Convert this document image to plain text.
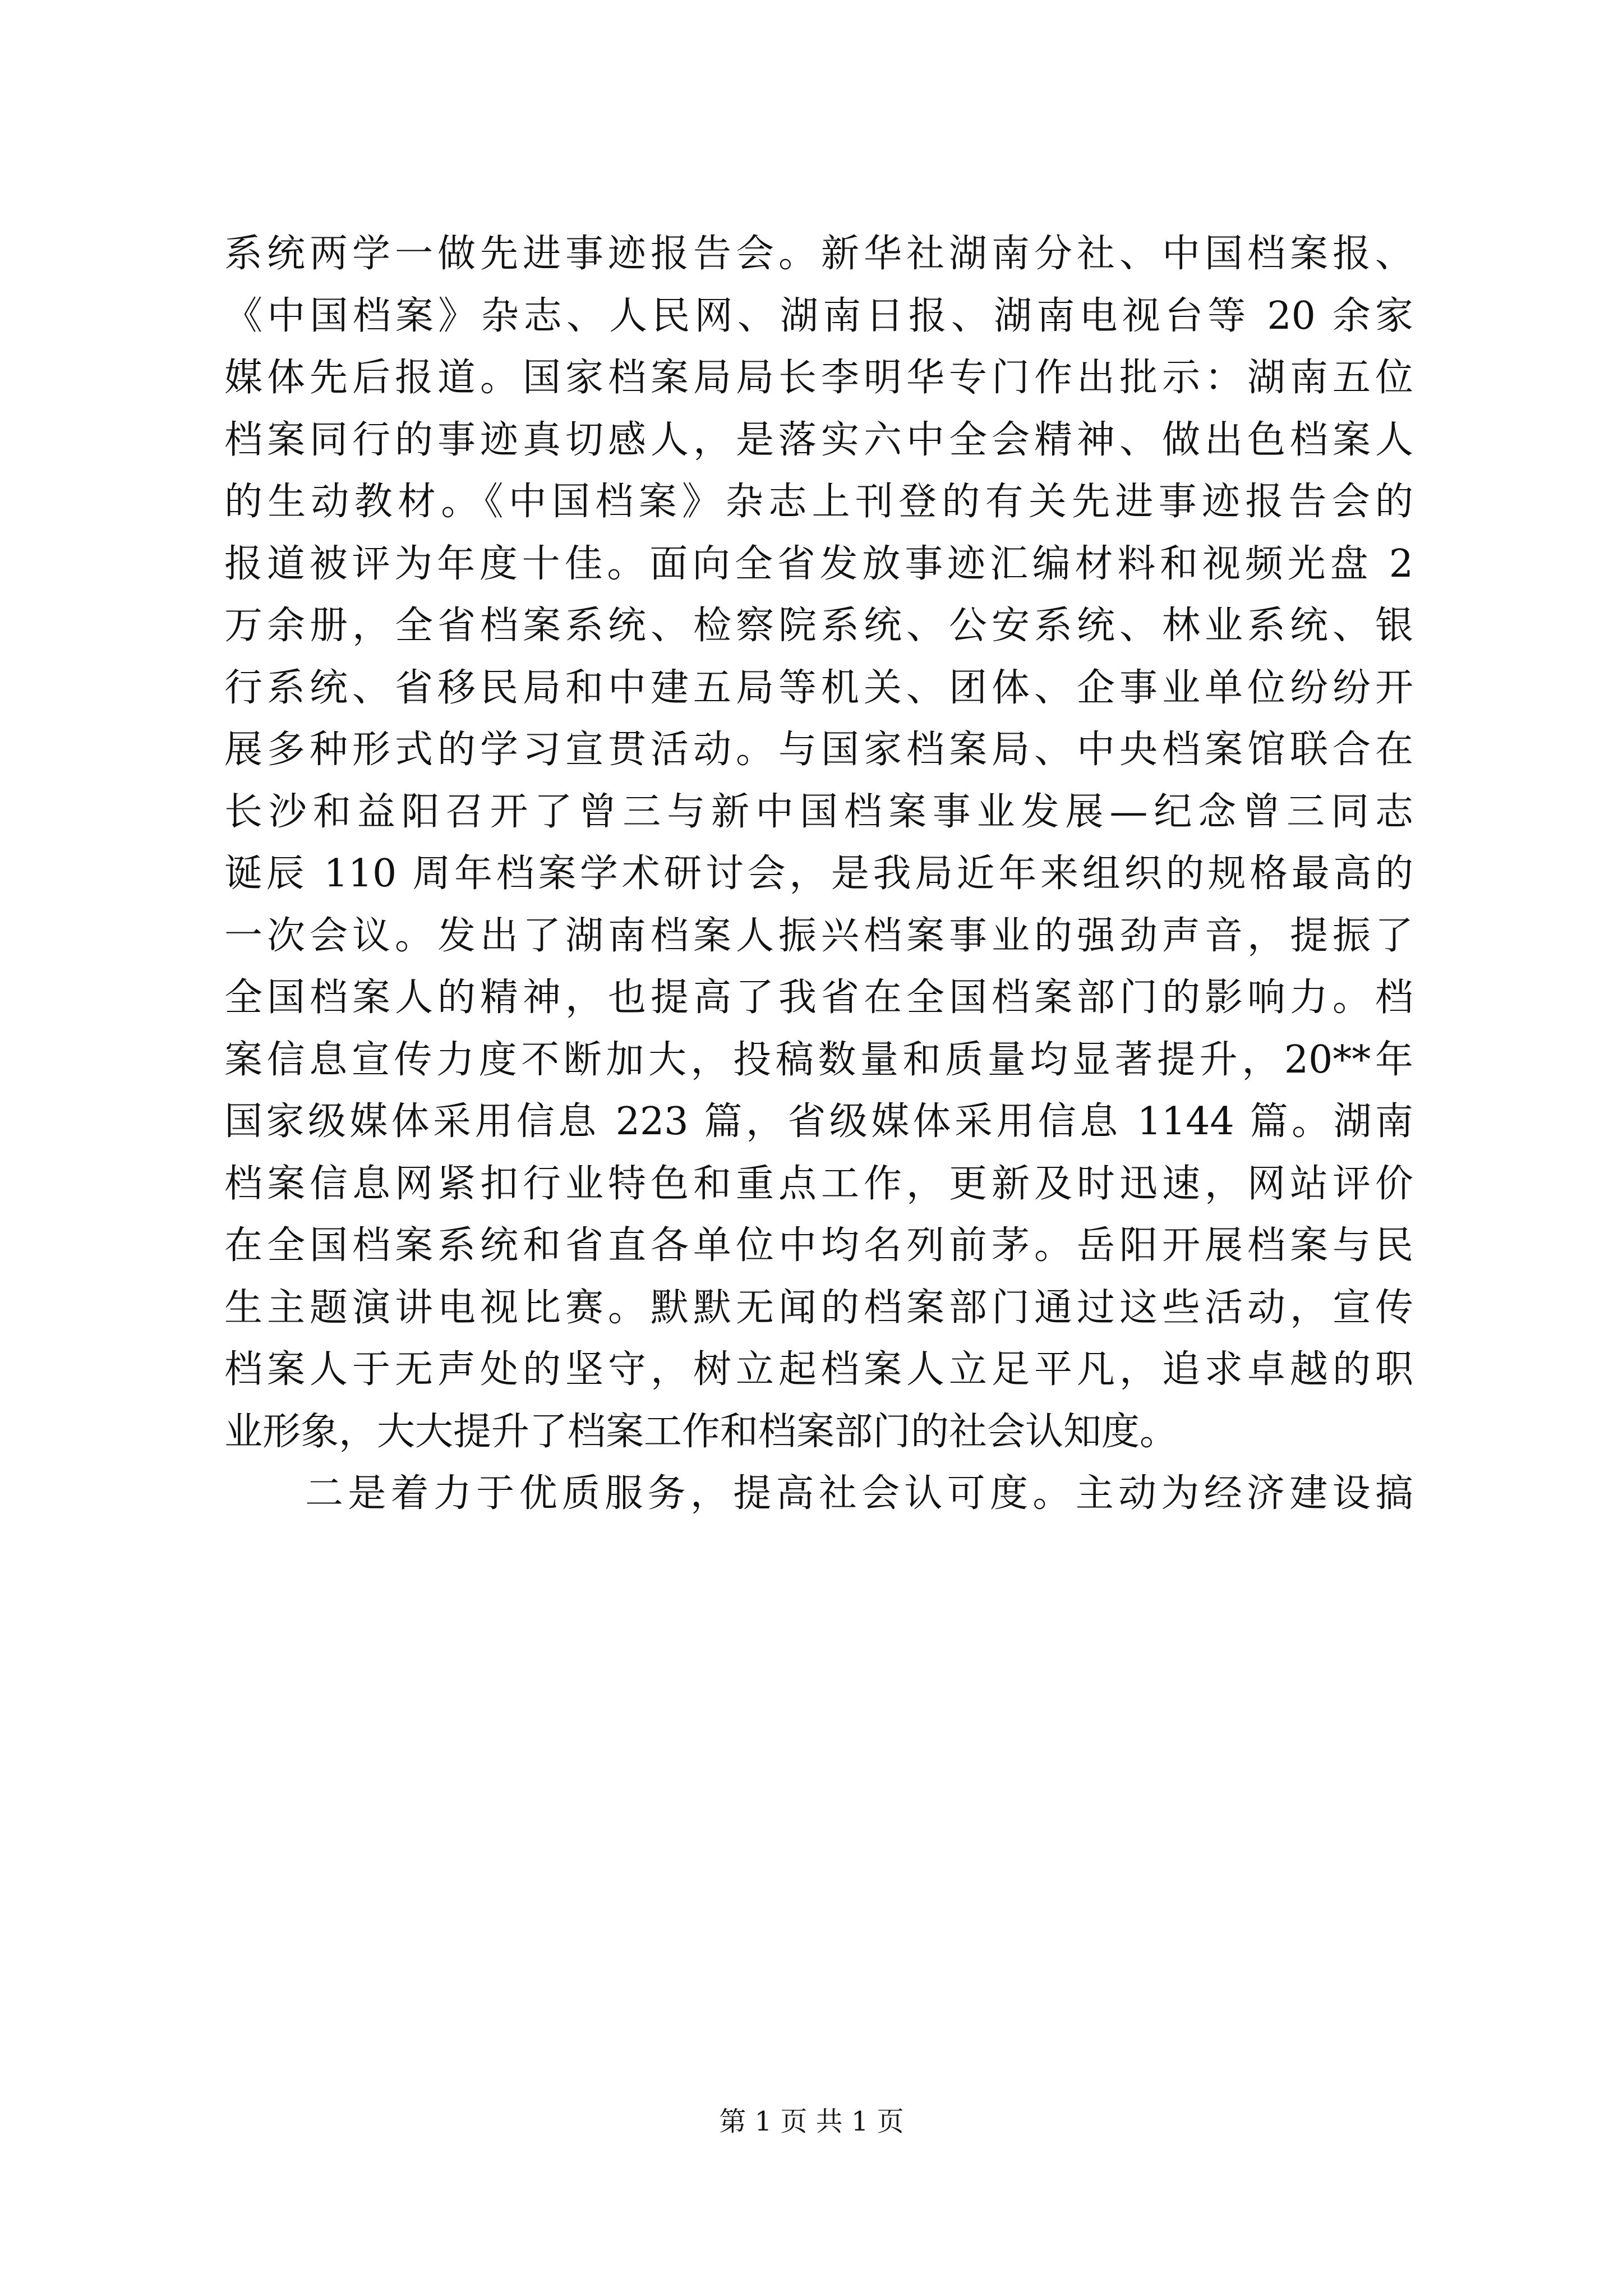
系统两学一做先进事迹报告会。新华社湖南分社、中国档案报、
《中国档案》杂志、人民网、湖南日报、湖南电视台等 20 余家
媒体先后报道。国家档案局局长李明华专门作出批示：湖南五位
档案同行的事迹真切感人，是落实六中全会精神、做出色档案人
的生动教材。《中国档案》杂志上刊登的有关先进事迹报告会的
报道被评为年度十佳。面向全省发放事迹汇编材料和视频光盘 2
万余册，全省档案系统、检察院系统、公安系统、林业系统、银
行系统、省移民局和中建五局等机关、团体、企事业单位纷纷开
展多种形式的学习宣贯活动。与国家档案局、中央档案馆联合在
长沙和益阳召开了曾三与新中国档案事业发展—纪念曾三同志
诞辰 110 周年档案学术研讨会，是我局近年来组织的规格最高的
一次会议。发出了湖南档案人振兴档案事业的强劲声音，提振了
全国档案人的精神，也提高了我省在全国档案部门的影响力。档
案信息宣传力度不断加大，投稿数量和质量均显著提升，20**年
国家级媒体采用信息 223 篇，省级媒体采用信息 1144 篇。湖南
档案信息网紧扣行业特色和重点工作，更新及时迅速，网站评价
在全国档案系统和省直各单位中均名列前茅。岳阳开展档案与民
生主题演讲电视比赛。默默无闻的档案部门通过这些活动，宣传
档案人于无声处的坚守，树立起档案人立足平凡，追求卓越的职
业形象，大大提升了档案工作和档案部门的社会认知度。
二是着力于优质服务，提高社会认可度。主动为经济建设搞
第 1 页 共 1 页
